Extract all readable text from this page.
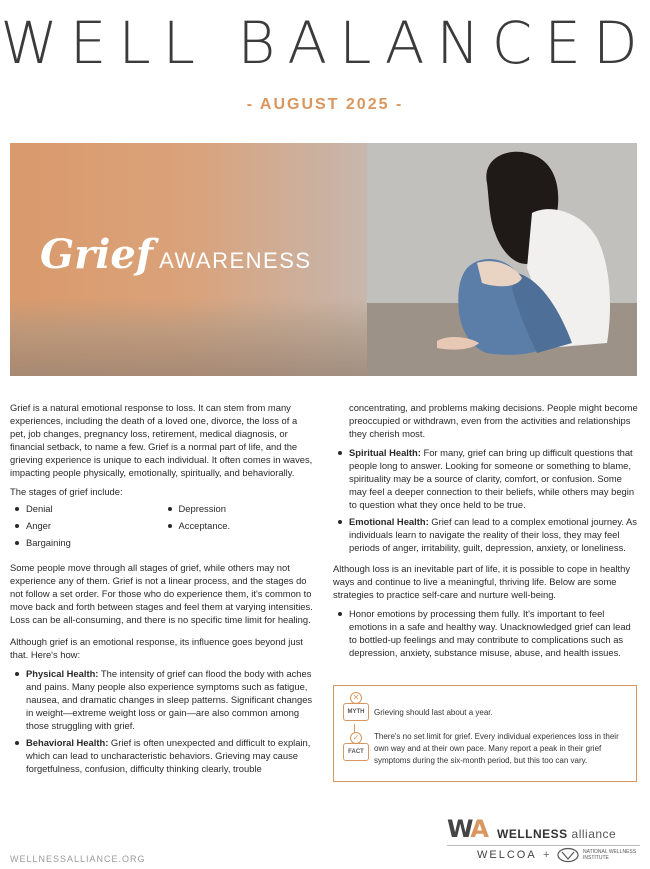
WELL BALANCED
- AUGUST 2025 -
Grief AWARENESS

Grief is a natural emotional response to loss. It can stem from many experiences, including the death of a loved one, divorce, the loss of a pet, job changes, pregnancy loss, retirement, medical diagnosis, or financial setback, to name a few. Grief is a normal part of life, and the grieving experience is unique to each individual. It often comes in waves, impacting people physically, emotionally, spiritually, and behaviorally.

The stages of grief include:

Denial
Anger
Bargaining
Depression
Acceptance.

Some people move through all stages of grief, while others may not experience any of them. Grief is not a linear process, and the stages do not follow a set order. For those who do experience them, it's common to move back and forth between stages and feel them at varying intensities. Loss can be all-consuming, and there is no specific time limit for healing.

Although grief is an emotional response, its influence goes beyond just that. Here's how:

Physical Health: The intensity of grief can flood the body with aches and pains. Many people also experience symptoms such as fatigue, nausea, and dramatic changes in sleep patterns. Significant changes in weight—extreme weight loss or gain—are also common among those struggling with grief.
Behavioral Health: Grief is often unexpected and difficult to explain, which can lead to uncharacteristic behaviors. Grieving may cause forgetfulness, confusion, difficulty thinking clearly, trouble

concentrating, and problems making decisions. People might become preoccupied or withdrawn, even from the activities and relationships they cherish most.

Spiritual Health: For many, grief can bring up difficult questions that people long to answer. Looking for someone or something to blame, spirituality may be a source of clarity, comfort, or confusion. Some may feel a deeper connection to their beliefs, while others may begin to question what they once held to be true.
Emotional Health: Grief can lead to a complex emotional journey. As individuals learn to navigate the reality of their loss, they may feel periods of anger, irritability, guilt, depression, anxiety, or loneliness.

Although loss is an inevitable part of life, it is possible to cope in healthy ways and continue to live a meaningful, thriving life. Below are some strategies to practice self-care and nurture well-being.

Honor emotions by processing them fully. It's important to feel emotions in a safe and healthy way. Unacknowledged grief can lead to bottled-up feelings and may contribute to complications such as depression, anxiety, substance misuse, abuse, and health issues.
✕
MYTH	Grieving should last about a year.
✓
FACT
There's no set limit for grief. Every individual experiences loss in their own way and at their own pace. Many report a peak in their grief symptoms during the six-month period, but this too can vary.
WELLNESSALLIANCE.ORG
WA WELLNESS alliance
WELCOA +	NATIONAL WELLNESS INSTITUTE
